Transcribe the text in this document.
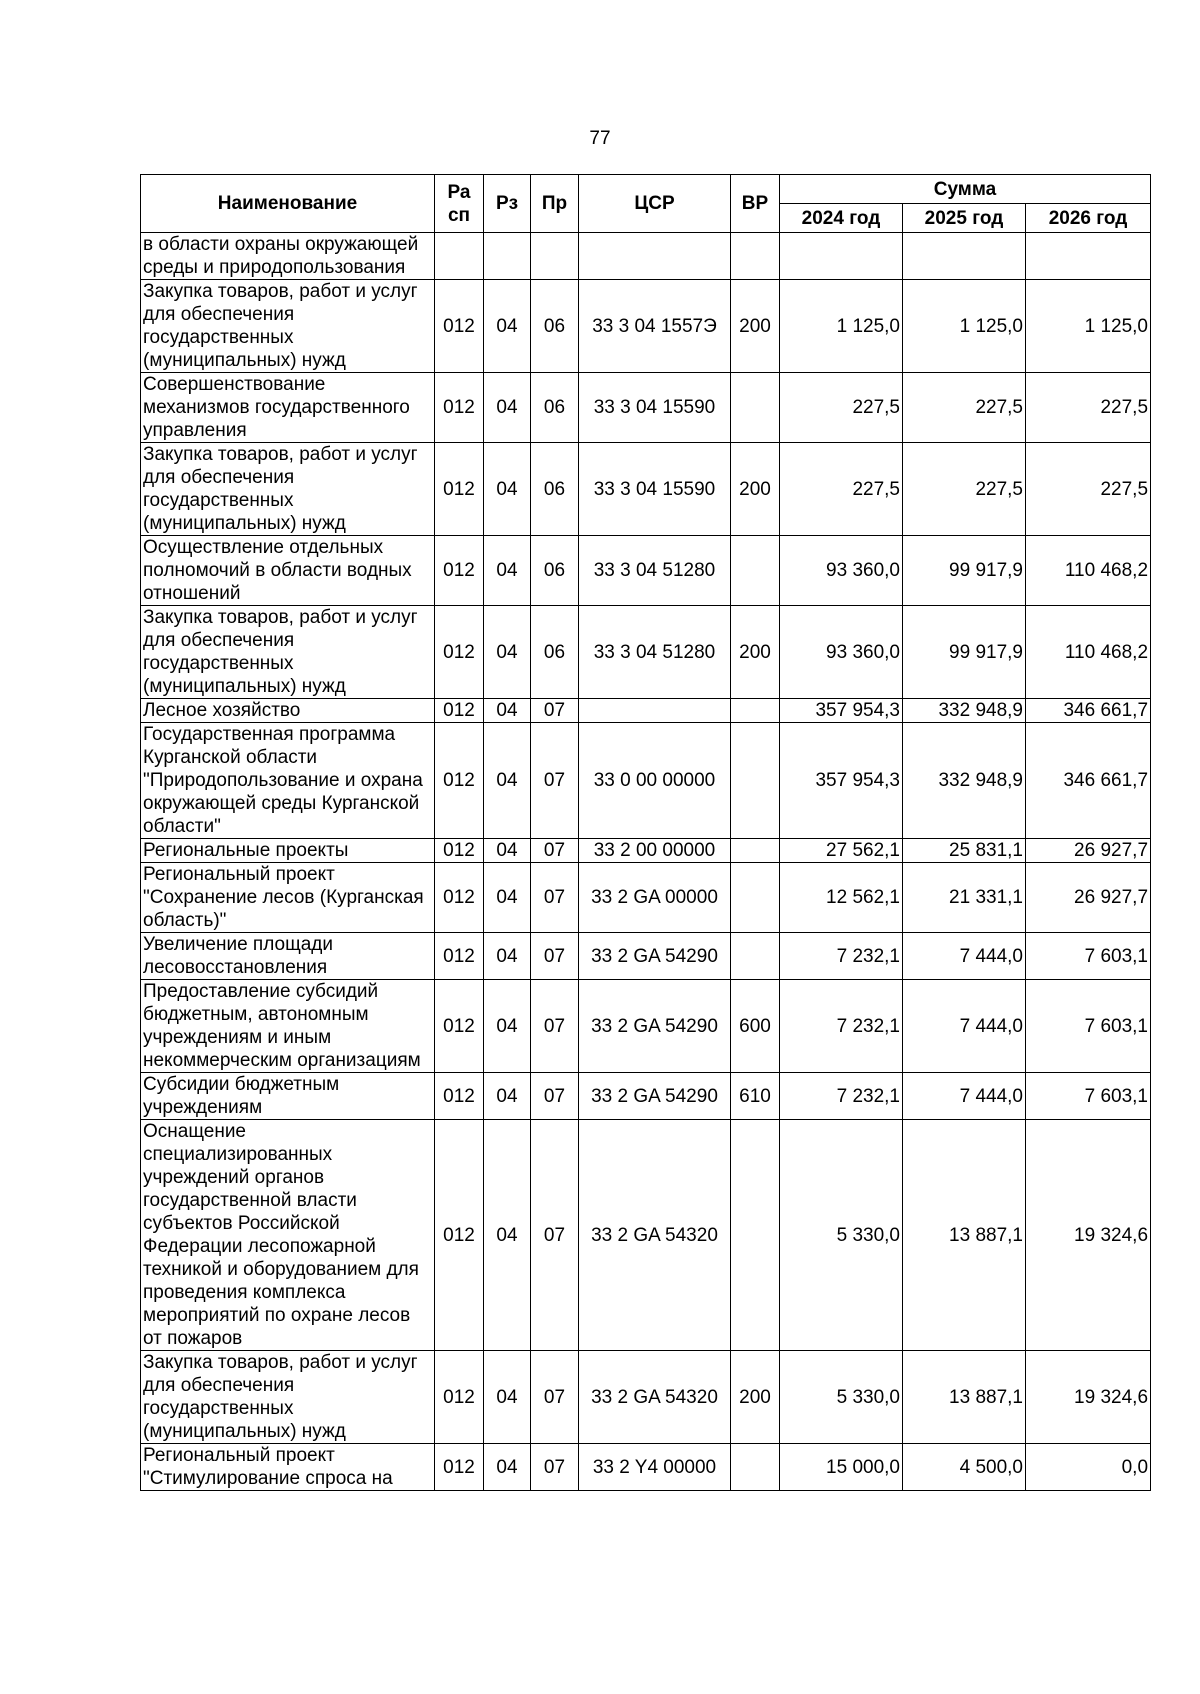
77
Наименование	Ра сп	Рз	Пр	ЦСР	ВР	Сумма		
						2024 год	2025 год	2026 год
в области охраны окружающей среды и природопользования								
Закупка товаров, работ и услуг для обеспечения государственных (муниципальных) нужд	012	04	06	33 3 04 1557Э	200	1 125,0	1 125,0	1 125,0
Совершенствование механизмов государственного управления	012	04	06	33 3 04 15590		227,5	227,5	227,5
Закупка товаров, работ и услуг для обеспечения государственных (муниципальных) нужд	012	04	06	33 3 04 15590	200	227,5	227,5	227,5
Осуществление отдельных полномочий в области водных отношений	012	04	06	33 3 04 51280		93 360,0	99 917,9	110 468,2
Закупка товаров, работ и услуг для обеспечения государственных (муниципальных) нужд	012	04	06	33 3 04 51280	200	93 360,0	99 917,9	110 468,2
Лесное хозяйство	012	04	07			357 954,3	332 948,9	346 661,7
Государственная программа Курганской области "Природопользование и охрана окружающей среды Курганской области"	012	04	07	33 0 00 00000		357 954,3	332 948,9	346 661,7
Региональные проекты	012	04	07	33 2 00 00000		27 562,1	25 831,1	26 927,7
Региональный проект "Сохранение лесов (Курганская область)"	012	04	07	33 2 GA 00000		12 562,1	21 331,1	26 927,7
Увеличение площади лесовосстановления	012	04	07	33 2 GA 54290		7 232,1	7 444,0	7 603,1
Предоставление субсидий бюджетным, автономным учреждениям и иным некоммерческим организациям	012	04	07	33 2 GA 54290	600	7 232,1	7 444,0	7 603,1
Субсидии бюджетным учреждениям	012	04	07	33 2 GA 54290	610	7 232,1	7 444,0	7 603,1
Оснащение специализированных учреждений органов государственной власти субъектов Российской Федерации лесопожарной техникой и оборудованием для проведения комплекса мероприятий по охране лесов от пожаров	012	04	07	33 2 GA 54320		5 330,0	13 887,1	19 324,6
Закупка товаров, работ и услуг для обеспечения государственных (муниципальных) нужд	012	04	07	33 2 GA 54320	200	5 330,0	13 887,1	19 324,6
Региональный проект "Стимулирование спроса на	012	04	07	33 2 Y4 00000		15 000,0	4 500,0	0,0
